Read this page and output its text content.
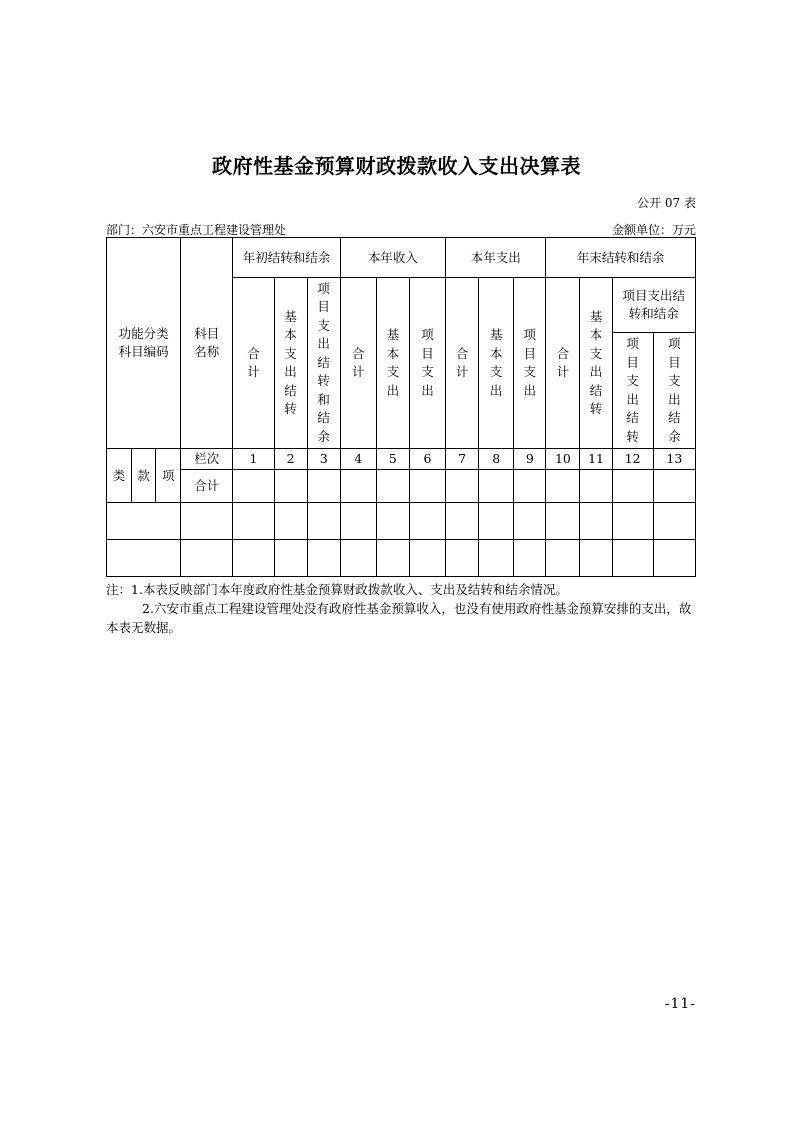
政府性基金预算财政拨款收入支出决算表
公开 07 表
部门：六安市重点工程建设管理处	金额单位：万元
功能分类科目编码			科目名称	年初结转和结余			本年收入			本年支出			年末结转和结余			
				合计	基本支出结转	项目支出结转和结余	合计	基本支出	项目支出	合计	基本支出	项目支出	合计	基本支出结转	项目支出结转和结余	

															项目支出结转	项目支出结余
类	款	项	栏次	1	2	3	4	5	6	7	8	9	10	11	12	13
			合计													

注：1.本表反映部门本年度政府性基金预算财政拨款收入、支出及结转和结余情况。

2.六安市重点工程建设管理处没有政府性基金预算收入，也没有使用政府性基金预算安排的支出，故本表无数据。

-11-
